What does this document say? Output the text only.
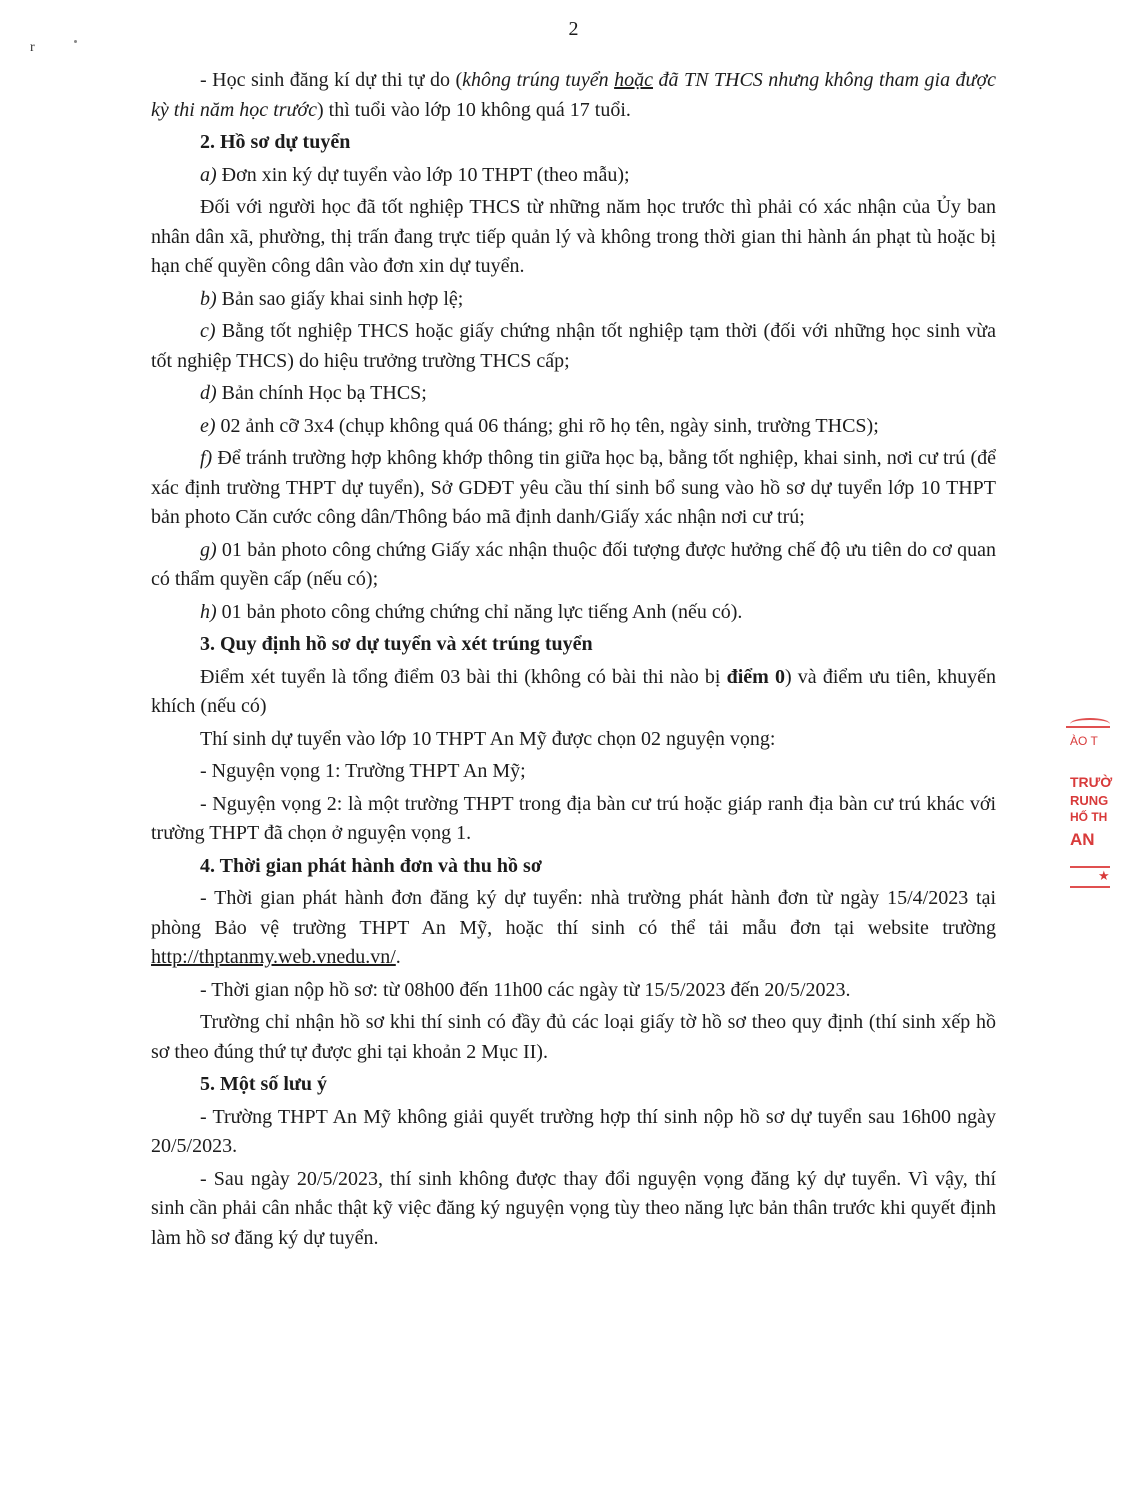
r
2

- Học sinh đăng kí dự thi tự do (không trúng tuyển hoặc đã TN THCS nhưng không tham gia được kỳ thi năm học trước) thì tuổi vào lớp 10 không quá 17 tuổi.

2. Hồ sơ dự tuyển

a) Đơn xin ký dự tuyển vào lớp 10 THPT (theo mẫu);

Đối với người học đã tốt nghiệp THCS từ những năm học trước thì phải có xác nhận của Ủy ban nhân dân xã, phường, thị trấn đang trực tiếp quản lý và không trong thời gian thi hành án phạt tù hoặc bị hạn chế quyền công dân vào đơn xin dự tuyển.

b) Bản sao giấy khai sinh hợp lệ;

c) Bằng tốt nghiệp THCS hoặc giấy chứng nhận tốt nghiệp tạm thời (đối với những học sinh vừa tốt nghiệp THCS) do hiệu trưởng trường THCS cấp;

d) Bản chính Học bạ THCS;

e) 02 ảnh cỡ 3x4 (chụp không quá 06 tháng; ghi rõ họ tên, ngày sinh, trường THCS);

f) Để tránh trường hợp không khớp thông tin giữa học bạ, bằng tốt nghiệp, khai sinh, nơi cư trú (để xác định trường THPT dự tuyển), Sở GDĐT yêu cầu thí sinh bổ sung vào hồ sơ dự tuyển lớp 10 THPT bản photo Căn cước công dân/Thông báo mã định danh/Giấy xác nhận nơi cư trú;

g) 01 bản photo công chứng Giấy xác nhận thuộc đối tượng được hưởng chế độ ưu tiên do cơ quan có thẩm quyền cấp (nếu có);

h) 01 bản photo công chứng chứng chỉ năng lực tiếng Anh (nếu có).

3. Quy định hồ sơ dự tuyển và xét trúng tuyển

Điểm xét tuyển là tổng điểm 03 bài thi (không có bài thi nào bị điểm 0) và điểm ưu tiên, khuyến khích (nếu có)

Thí sinh dự tuyển vào lớp 10 THPT An Mỹ được chọn 02 nguyện vọng:

- Nguyện vọng 1: Trường THPT An Mỹ;

- Nguyện vọng 2: là một trường THPT trong địa bàn cư trú hoặc giáp ranh địa bàn cư trú khác với trường THPT đã chọn ở nguyện vọng 1.

4. Thời gian phát hành đơn và thu hồ sơ

- Thời gian phát hành đơn đăng ký dự tuyển: nhà trường phát hành đơn từ ngày 15/4/2023 tại phòng Bảo vệ trường THPT An Mỹ, hoặc thí sinh có thể tải mẫu đơn tại website trường http://thptanmy.web.vnedu.vn/.

- Thời gian nộp hồ sơ: từ 08h00 đến 11h00 các ngày từ 15/5/2023 đến 20/5/2023.

Trường chỉ nhận hồ sơ khi thí sinh có đầy đủ các loại giấy tờ hồ sơ theo quy định (thí sinh xếp hồ sơ theo đúng thứ tự được ghi tại khoản 2 Mục II).

5. Một số lưu ý

- Trường THPT An Mỹ không giải quyết trường hợp thí sinh nộp hồ sơ dự tuyển sau 16h00 ngày 20/5/2023.

- Sau ngày 20/5/2023, thí sinh không được thay đổi nguyện vọng đăng ký dự tuyển. Vì vậy, thí sinh cần phải cân nhắc thật kỹ việc đăng ký nguyện vọng tùy theo năng lực bản thân trước khi quyết định làm hồ sơ đăng ký dự tuyển.

ÀO T
TRƯỜ
RUNG
HỐ TH
AN
★
